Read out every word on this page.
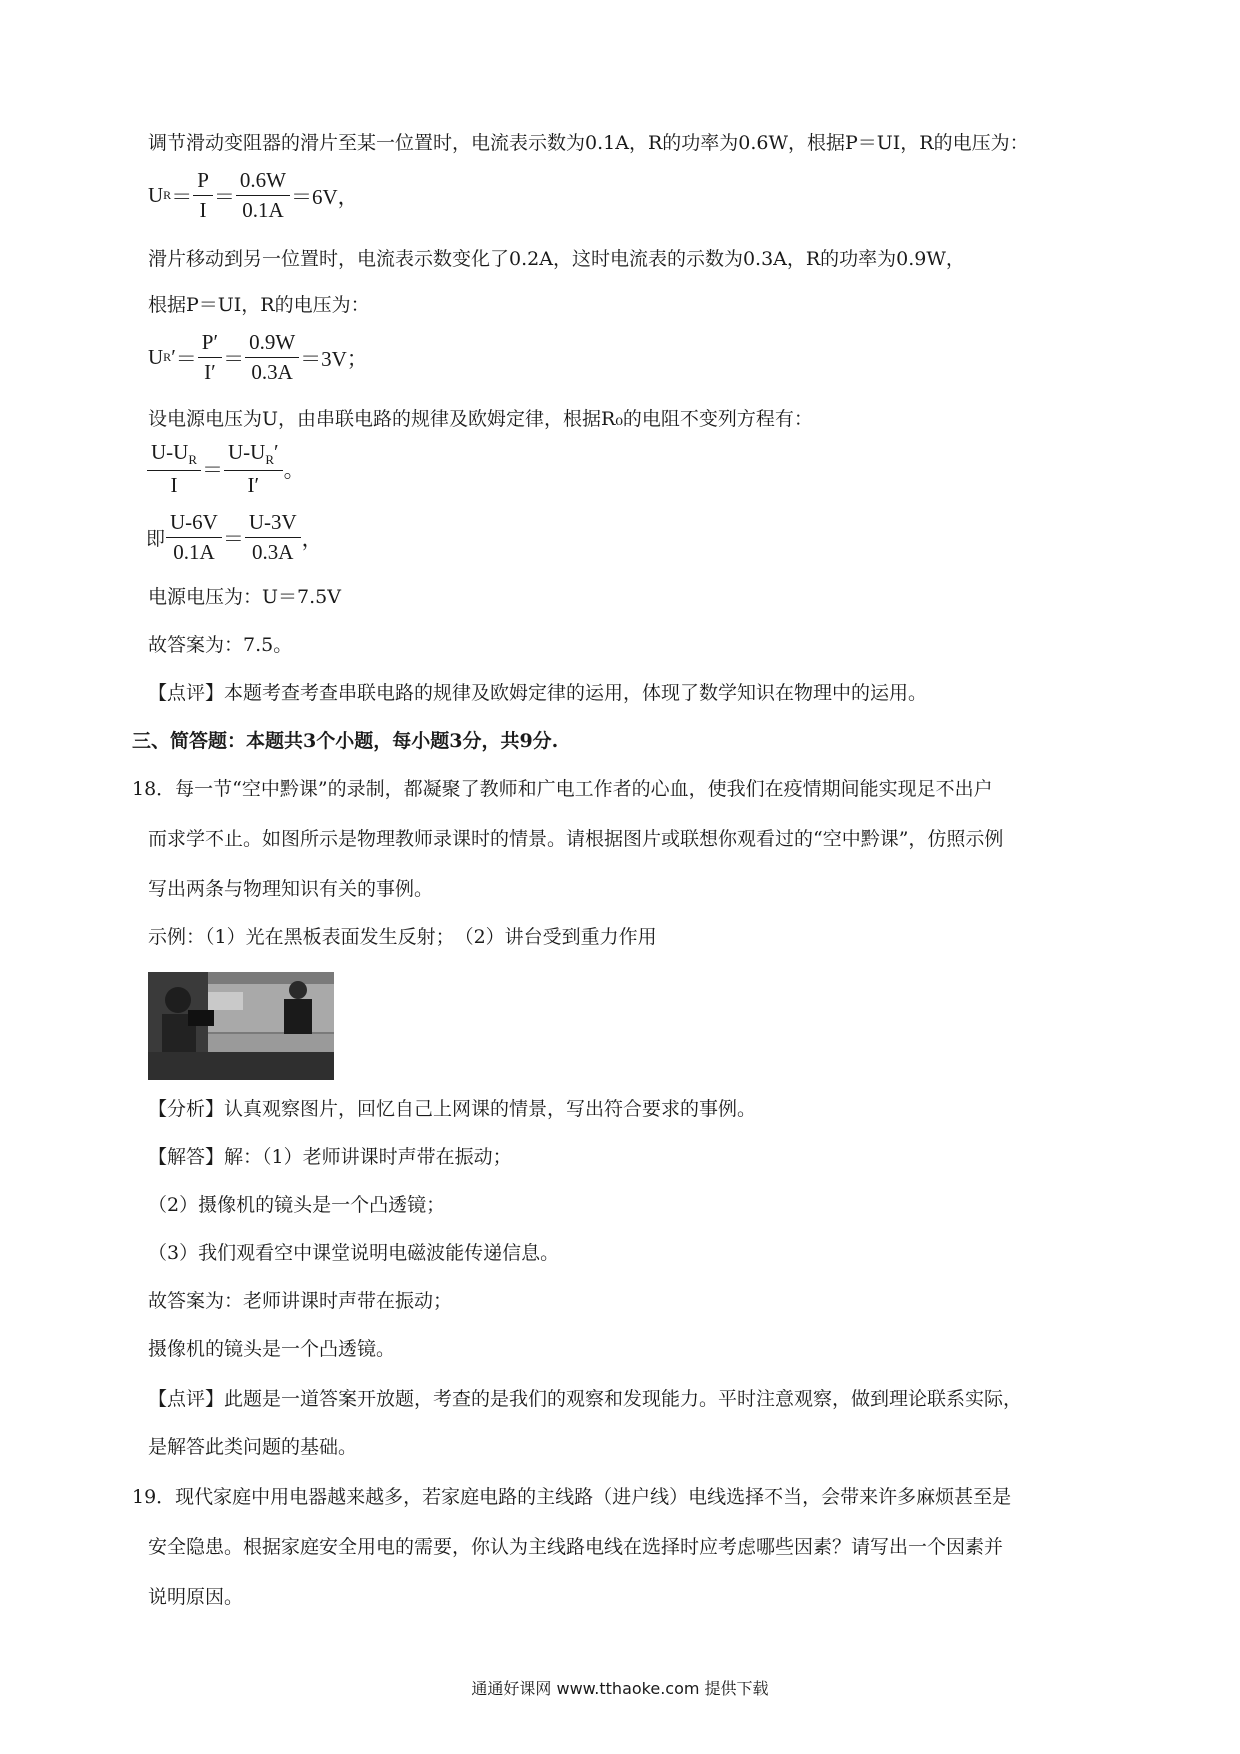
调节滑动变阻器的滑片至某一位置时，电流表示数为0.1A，R的功率为0.6W，根据P＝UI，R的电压为：
U $R = \frac{P}{I} = \frac{0.6W}{0.1A} =6V$，
滑片移动到另一位置时，电流表示数变化了0.2A，这时电流表的示数为0.3A，R的功率为0.9W，
根据P＝UI，R的电压为：
U R ′ ＝ $\frac{P'}{I'} = \frac{0.9W}{0.3A} =3V$；
设电源电压为U，由串联电路的规律及欧姆定律，根据R₀的电阻不变列方程有：
$\frac{U-U_R}{I} = \frac{U-U_R'}{I'}$ 。
即 $\frac{U-6V}{0.1A} = \frac{U-3V}{0.3A}$ ，
电源电压为：U＝7.5V
故答案为：7.5。
【点评】本题考查考查串联电路的规律及欧姆定律的运用，体现了数学知识在物理中的运用。
三、简答题：本题共3个小题，每小题3分，共9分.
18．每一节“空中黔课”的录制，都凝聚了教师和广电工作者的心血，使我们在疫情期间能实现足不出户
而求学不止。如图所示是物理教师录课时的情景。请根据图片或联想你观看过的“空中黔课”，仿照示例
写出两条与物理知识有关的事例。
示例：（1）光在黑板表面发生反射；　（2）讲台受到重力作用
【分析】认真观察图片，回忆自己上网课的情景，写出符合要求的事例。
【解答】解：（1）老师讲课时声带在振动；
（2）摄像机的镜头是一个凸透镜；
（3）我们观看空中课堂说明电磁波能传递信息。
故答案为：老师讲课时声带在振动；
摄像机的镜头是一个凸透镜。
【点评】此题是一道答案开放题，考查的是我们的观察和发现能力。平时注意观察，做到理论联系实际，
是解答此类问题的基础。
19．现代家庭中用电器越来越多，若家庭电路的主线路（进户线）电线选择不当，会带来许多麻烦甚至是
安全隐患。根据家庭安全用电的需要，你认为主线路电线在选择时应考虑哪些因素？请写出一个因素并
说明原因。
通通好课网 www.tthaoke.com 提供下载
